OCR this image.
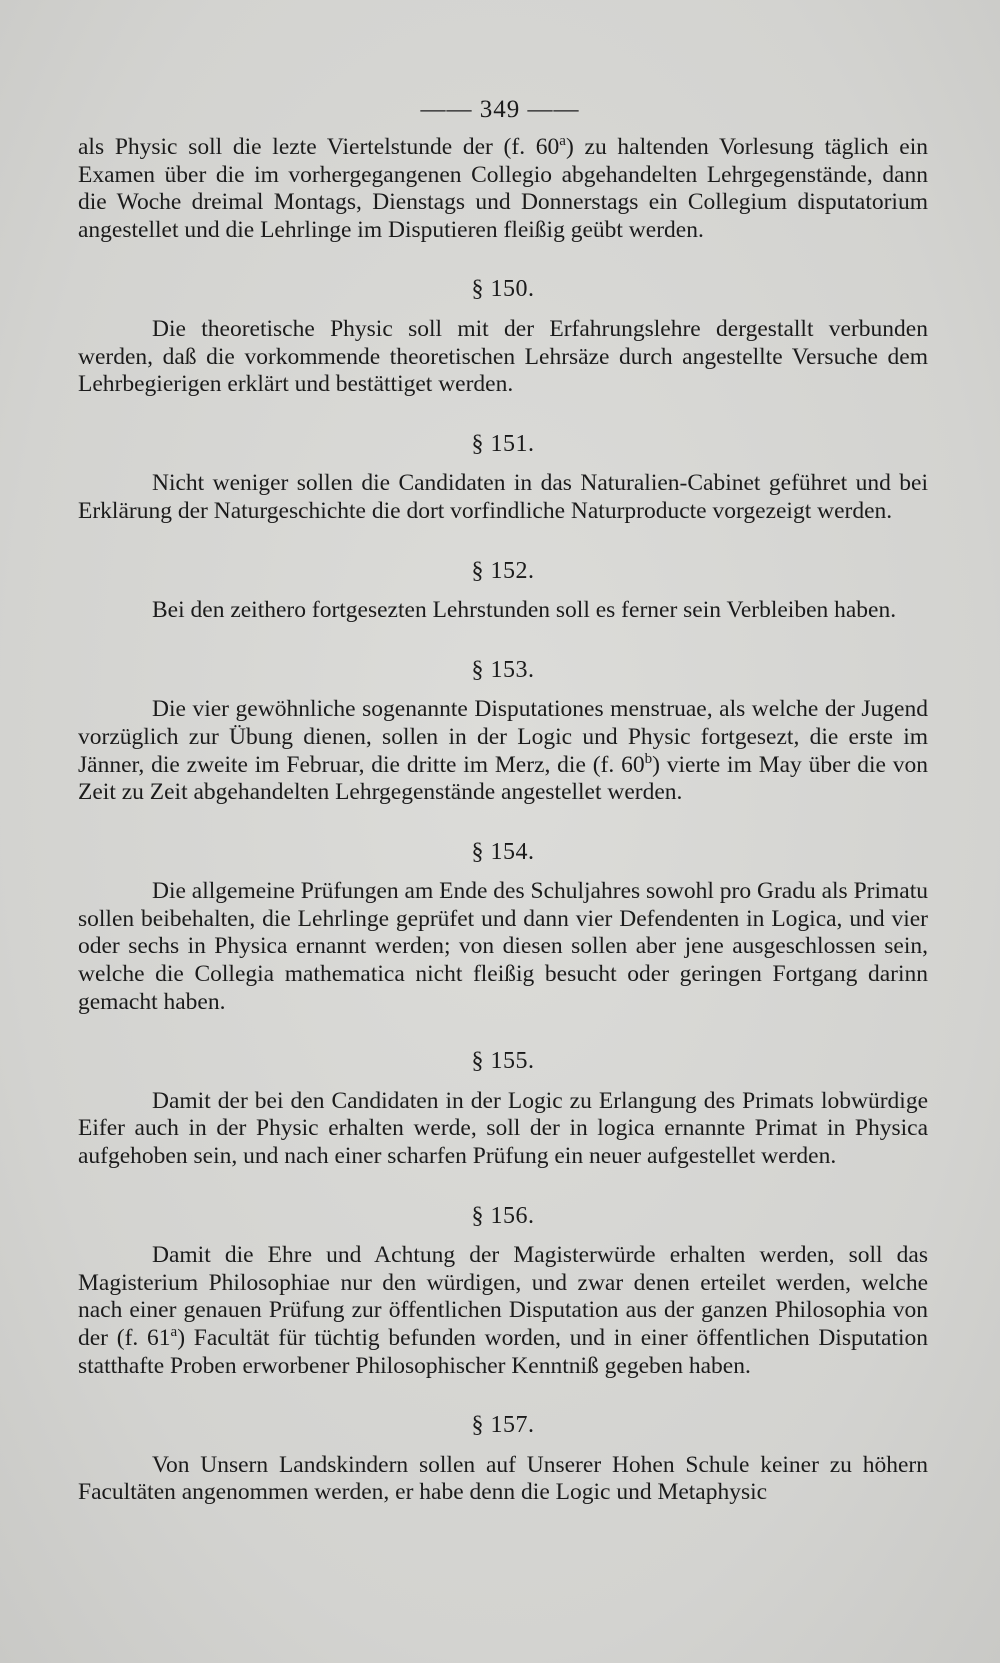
—— 349 ——

als Physic soll die lezte Viertelstunde der (f. 60$^a$) zu haltenden Vorlesung täglich ein Examen über die im vorhergegangenen Collegio abgehandelten Lehrgegenstände, dann die Woche dreimal Montags, Dienstags und Donnerstags ein Collegium disputatorium angestellet und die Lehrlinge im Disputieren fleißig geübt werden.

§ 150.

Die theoretische Physic soll mit der Erfahrungslehre dergestallt verbunden werden, daß die vorkommende theoretischen Lehrsäze durch angestellte Versuche dem Lehrbegierigen erklärt und bestättiget werden.

§ 151.

Nicht weniger sollen die Candidaten in das Naturalien-Cabinet geführet und bei Erklärung der Naturgeschichte die dort vorfindliche Naturproducte vorgezeigt werden.

§ 152.

Bei den zeithero fortgesezten Lehrstunden soll es ferner sein Verbleiben haben.

§ 153.

Die vier gewöhnliche sogenannte Disputationes menstruae, als welche der Jugend vorzüglich zur Übung dienen, sollen in der Logic und Physic fortgesezt, die erste im Jänner, die zweite im Februar, die dritte im Merz, die (f. 60$^b$) vierte im May über die von Zeit zu Zeit abgehandelten Lehrgegenstände angestellet werden.

§ 154.

Die allgemeine Prüfungen am Ende des Schuljahres sowohl pro Gradu als Primatu sollen beibehalten, die Lehrlinge geprüfet und dann vier Defendenten in Logica, und vier oder sechs in Physica ernannt werden; von diesen sollen aber jene ausgeschlossen sein, welche die Collegia mathematica nicht fleißig besucht oder geringen Fortgang darinn gemacht haben.

§ 155.

Damit der bei den Candidaten in der Logic zu Erlangung des Primats lobwürdige Eifer auch in der Physic erhalten werde, soll der in logica ernannte Primat in Physica aufgehoben sein, und nach einer scharfen Prüfung ein neuer aufgestellet werden.

§ 156.

Damit die Ehre und Achtung der Magisterwürde erhalten werden, soll das Magisterium Philosophiae nur den würdigen, und zwar denen erteilet werden, welche nach einer genauen Prüfung zur öffentlichen Disputation aus der ganzen Philosophia von der (f. 61$^a$) Facultät für tüchtig befunden worden, und in einer öffentlichen Disputation statthafte Proben erworbener Philosophischer Kenntniß gegeben haben.

§ 157.

Von Unsern Landskindern sollen auf Unserer Hohen Schule keiner zu höhern Facultäten angenommen werden, er habe denn die Logic und Metaphysic
